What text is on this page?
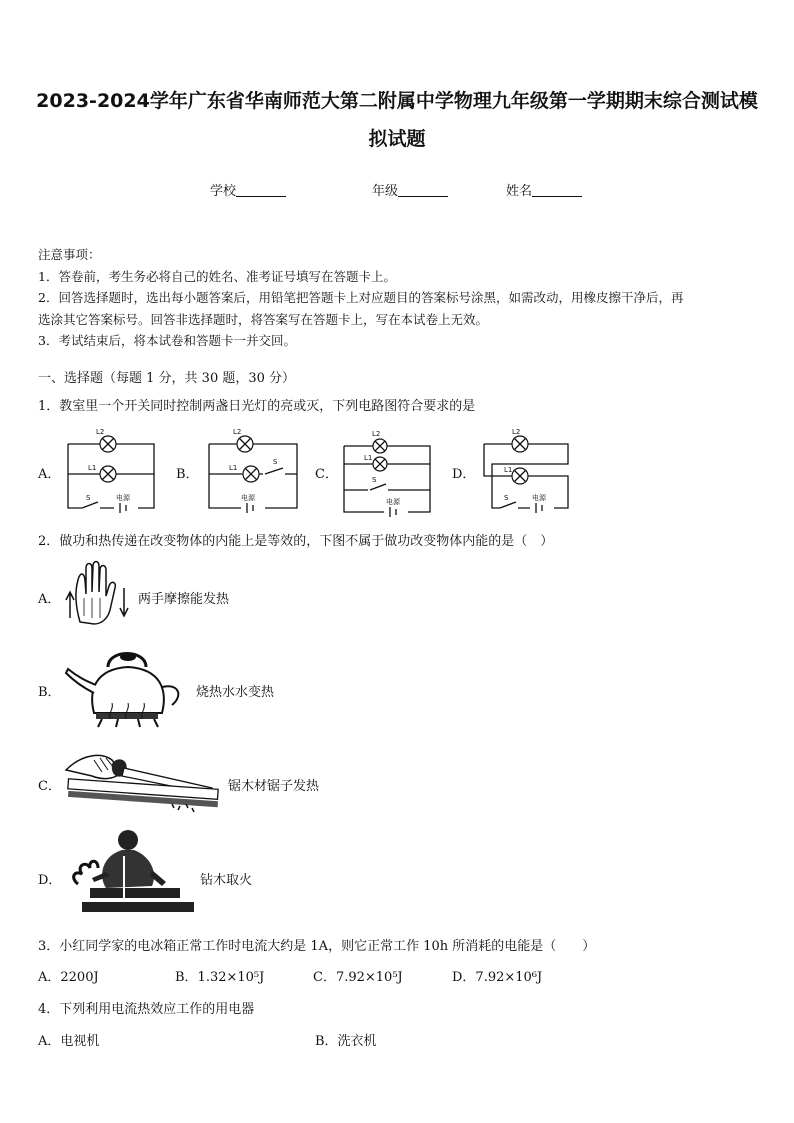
2023-2024学年广东省华南师范大第二附属中学物理九年级第一学期期末综合测试模
拟试题
学校	年级	姓名
注意事项：
1．答卷前，考生务必将自己的姓名、准考证号填写在答题卡上。
2．回答选择题时，选出每小题答案后，用铅笔把答题卡上对应题目的答案标号涂黑，如需改动，用橡皮擦干净后，再
选涂其它答案标号。回答非选择题时，将答案写在答题卡上，写在本试卷上无效。
3．考试结束后，将本试卷和答题卡一并交回。
一、选择题（每题 1 分，共 30 题，30 分）
1．教室里一个开关同时控制两盏日光灯的亮或灭，下列电路图符合要求的是
A．	B．	C．	D．
L2
L1
S	电源
L2
L1
S
电源
L2
L1
S
电源
L2
L1
S	电源
2．做功和热传递在改变物体的内能上是等效的，下图不属于做功改变物体内能的是（　）
A．	两手摩擦能发热
B．	烧热水水变热
C．	锯木材锯子发热
D．	钻木取火
3．小红同学家的电冰箱正常工作时电流大约是 1A，则它正常工作 10h 所消耗的电能是（　　）
A．2200J	B．1.32×10⁵J	C．7.92×10⁵J	D．7.92×10⁶J
4．下列利用电流热效应工作的用电器
A．电视机	B．洗衣机
